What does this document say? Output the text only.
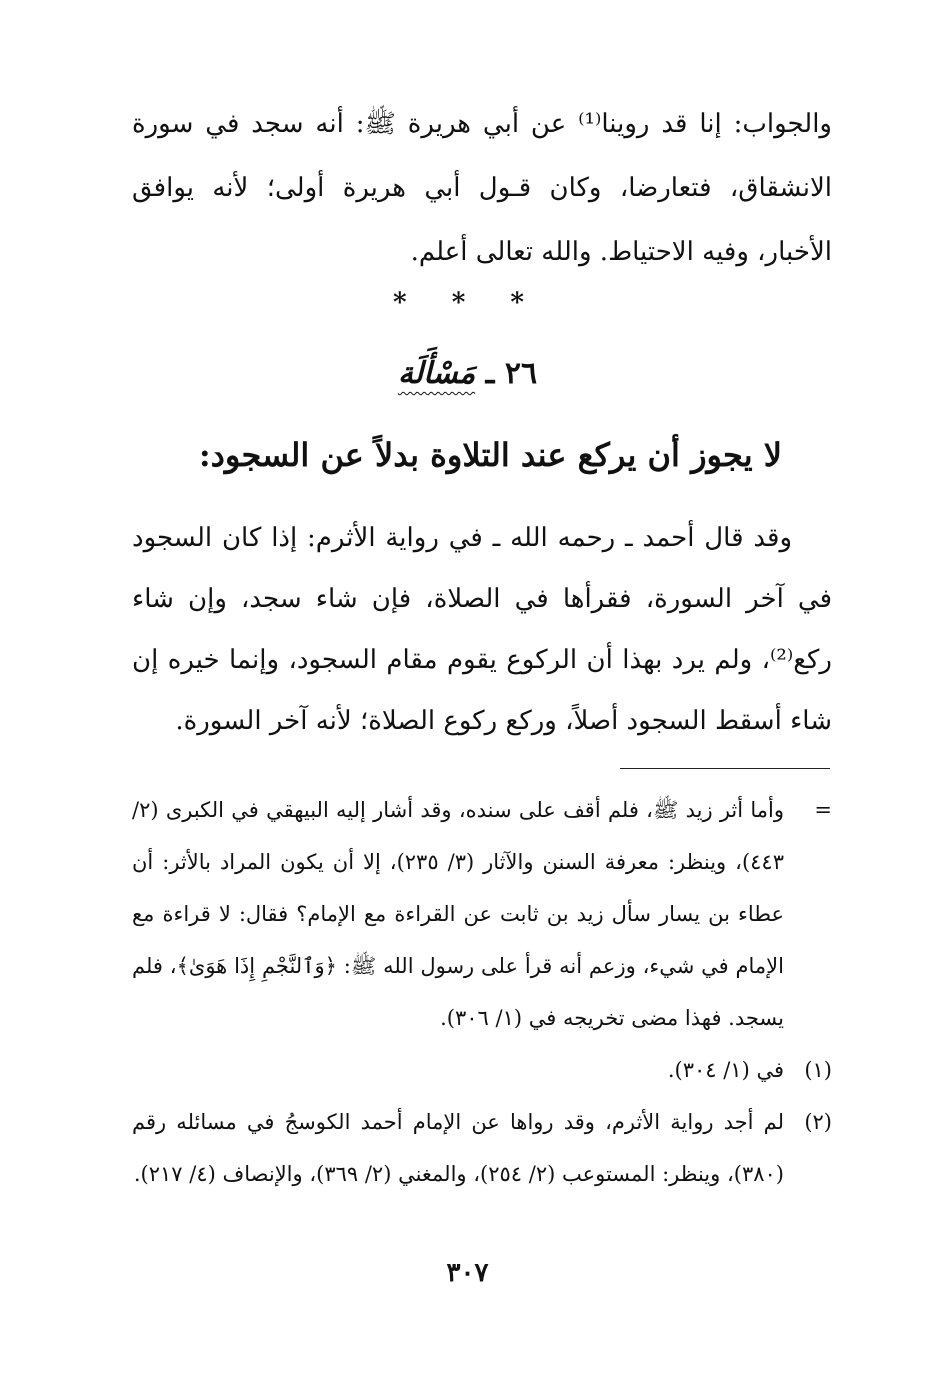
والجواب: إنا قد روينا⁽¹⁾ عن أبي هريرة ﷺ: أنه سجد في سورة الانشقاق، فتعارضا، وكان قـول أبي هريرة أولى؛ لأنه يوافق الأخبار، وفيه الاحتياط. والله تعالى أعلم.
* * *
٢٦ ـ مَسْأَلَة
لا يجوز أن يركع عند التلاوة بدلاً عن السجود:
وقد قال أحمد ـ رحمه الله ـ في رواية الأثرم: إذا كان السجود في آخر السورة، فقرأها في الصلاة، فإن شاء سجد، وإن شاء ركع⁽²⁾، ولم يرد بهذا أن الركوع يقوم مقام السجود، وإنما خيره إن شاء أسقط السجود أصلاً، وركع ركوع الصلاة؛ لأنه آخر السورة.
=
وأما أثر زيد ﷺ، فلم أقف على سنده، وقد أشار إليه البيهقي في الكبرى (٢/ ٤٤٣)، وينظر: معرفة السنن والآثار (٣/ ٢٣٥)، إلا أن يكون المراد بالأثر: أن عطاء بن يسار سأل زيد بن ثابت عن القراءة مع الإمام؟ فقال: لا قراءة مع الإمام في شيء، وزعم أنه قرأ على رسول الله ﷺ: ﴿وَٱلنَّجْمِ إِذَا هَوَىٰ﴾، فلم يسجد. فهذا مضى تخريجه في (١/ ٣٠٦).
(١)
في (١/ ٣٠٤).
(٢)
لم أجد رواية الأثرم، وقد رواها عن الإمام أحمد الكوسجُ في مسائله رقم (٣٨٠)، وينظر: المستوعب (٢/ ٢٥٤)، والمغني (٢/ ٣٦٩)، والإنصاف (٤/ ٢١٧).
٣٠٧
